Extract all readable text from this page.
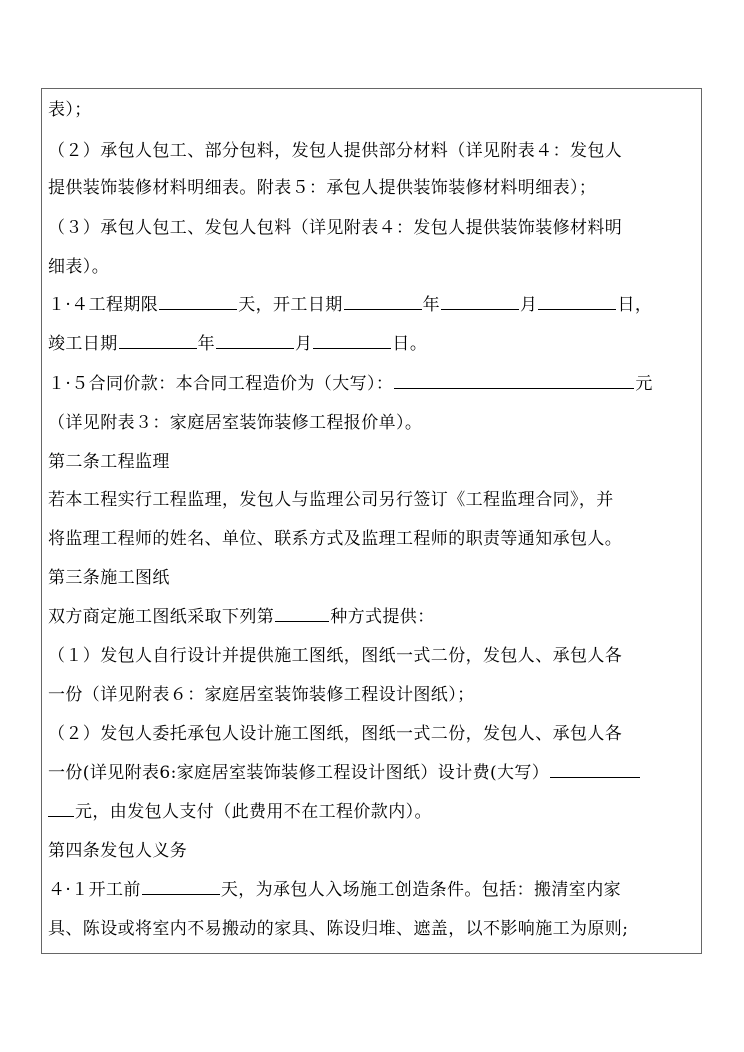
表）；
（２）承包人包工、部分包料，发包人提供部分材料（详见附表４：发包人
提供装饰装修材料明细表。附表５：承包人提供装饰装修材料明细表）；
（３）承包人包工、发包人包料（详见附表４：发包人提供装饰装修材料明
细表）。
１·４工程期限	天，开工日期	年	月	日，
竣工日期	年	月	日。
１·５合同价款：本合同工程造价为（大写）：	元
（详见附表３：家庭居室装饰装修工程报价单）。
第二条工程监理
若本工程实行工程监理，发包人与监理公司另行签订《工程监理合同》，并
将监理工程师的姓名、单位、联系方式及监理工程师的职责等通知承包人。
第三条施工图纸
双方商定施工图纸采取下列第	种方式提供：
（１）发包人自行设计并提供施工图纸，图纸一式二份，发包人、承包人各
一份（详见附表６：家庭居室装饰装修工程设计图纸）；
（２）发包人委托承包人设计施工图纸，图纸一式二份，发包人、承包人各
一份(详见附表6:家庭居室装饰装修工程设计图纸）设计费(大写）
元，由发包人支付（此费用不在工程价款内）。
第四条发包人义务
４·１开工前	天，为承包人入场施工创造条件。包括：搬清室内家
具、陈设或将室内不易搬动的家具、陈设归堆、遮盖，以不影响施工为原则;
